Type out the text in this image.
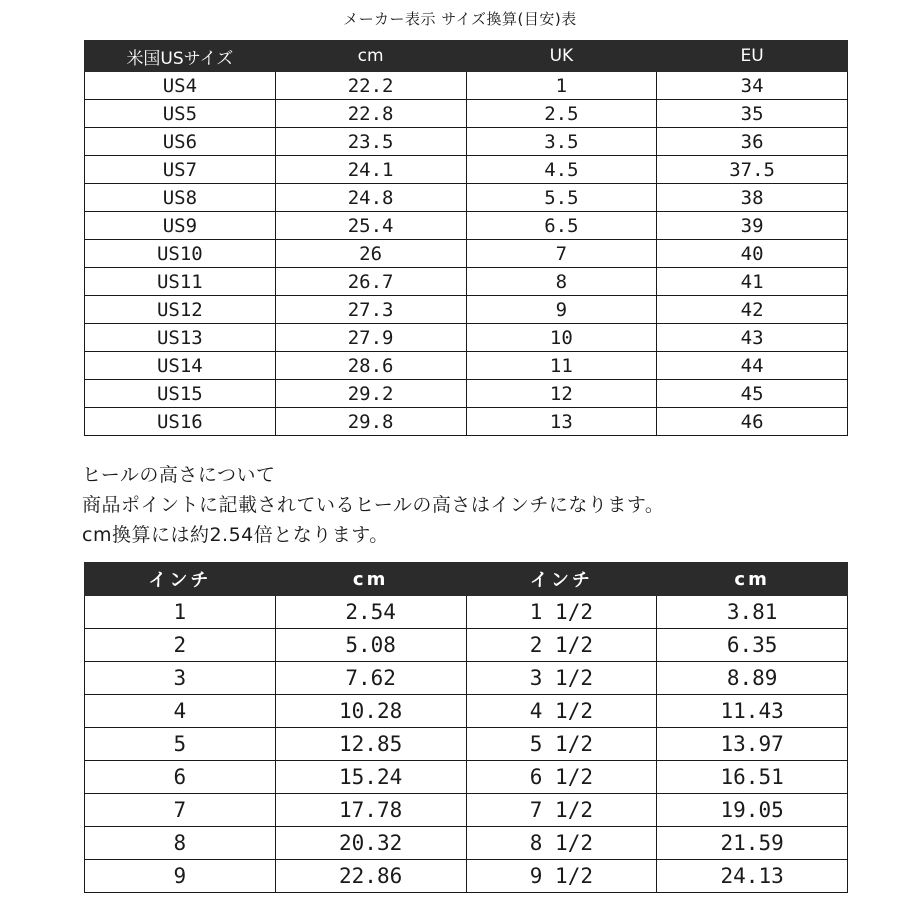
メーカー表示 サイズ換算(目安)表
米国USサイズ	cm	UK	EU
US4	22.2	1	34
US5	22.8	2.5	35
US6	23.5	3.5	36
US7	24.1	4.5	37.5
US8	24.8	5.5	38
US9	25.4	6.5	39
US10	26	7	40
US11	26.7	8	41
US12	27.3	9	42
US13	27.9	10	43
US14	28.6	11	44
US15	29.2	12	45
US16	29.8	13	46
ヒールの高さについて
商品ポイントに記載されているヒールの高さはインチになります。
cm換算には約2.54倍となります。
インチ	cm	インチ	cm
1	2.54	1 1/2	3.81
2	5.08	2 1/2	6.35
3	7.62	3 1/2	8.89
4	10.28	4 1/2	11.43
5	12.85	5 1/2	13.97
6	15.24	6 1/2	16.51
7	17.78	7 1/2	19.05
8	20.32	8 1/2	21.59
9	22.86	9 1/2	24.13
